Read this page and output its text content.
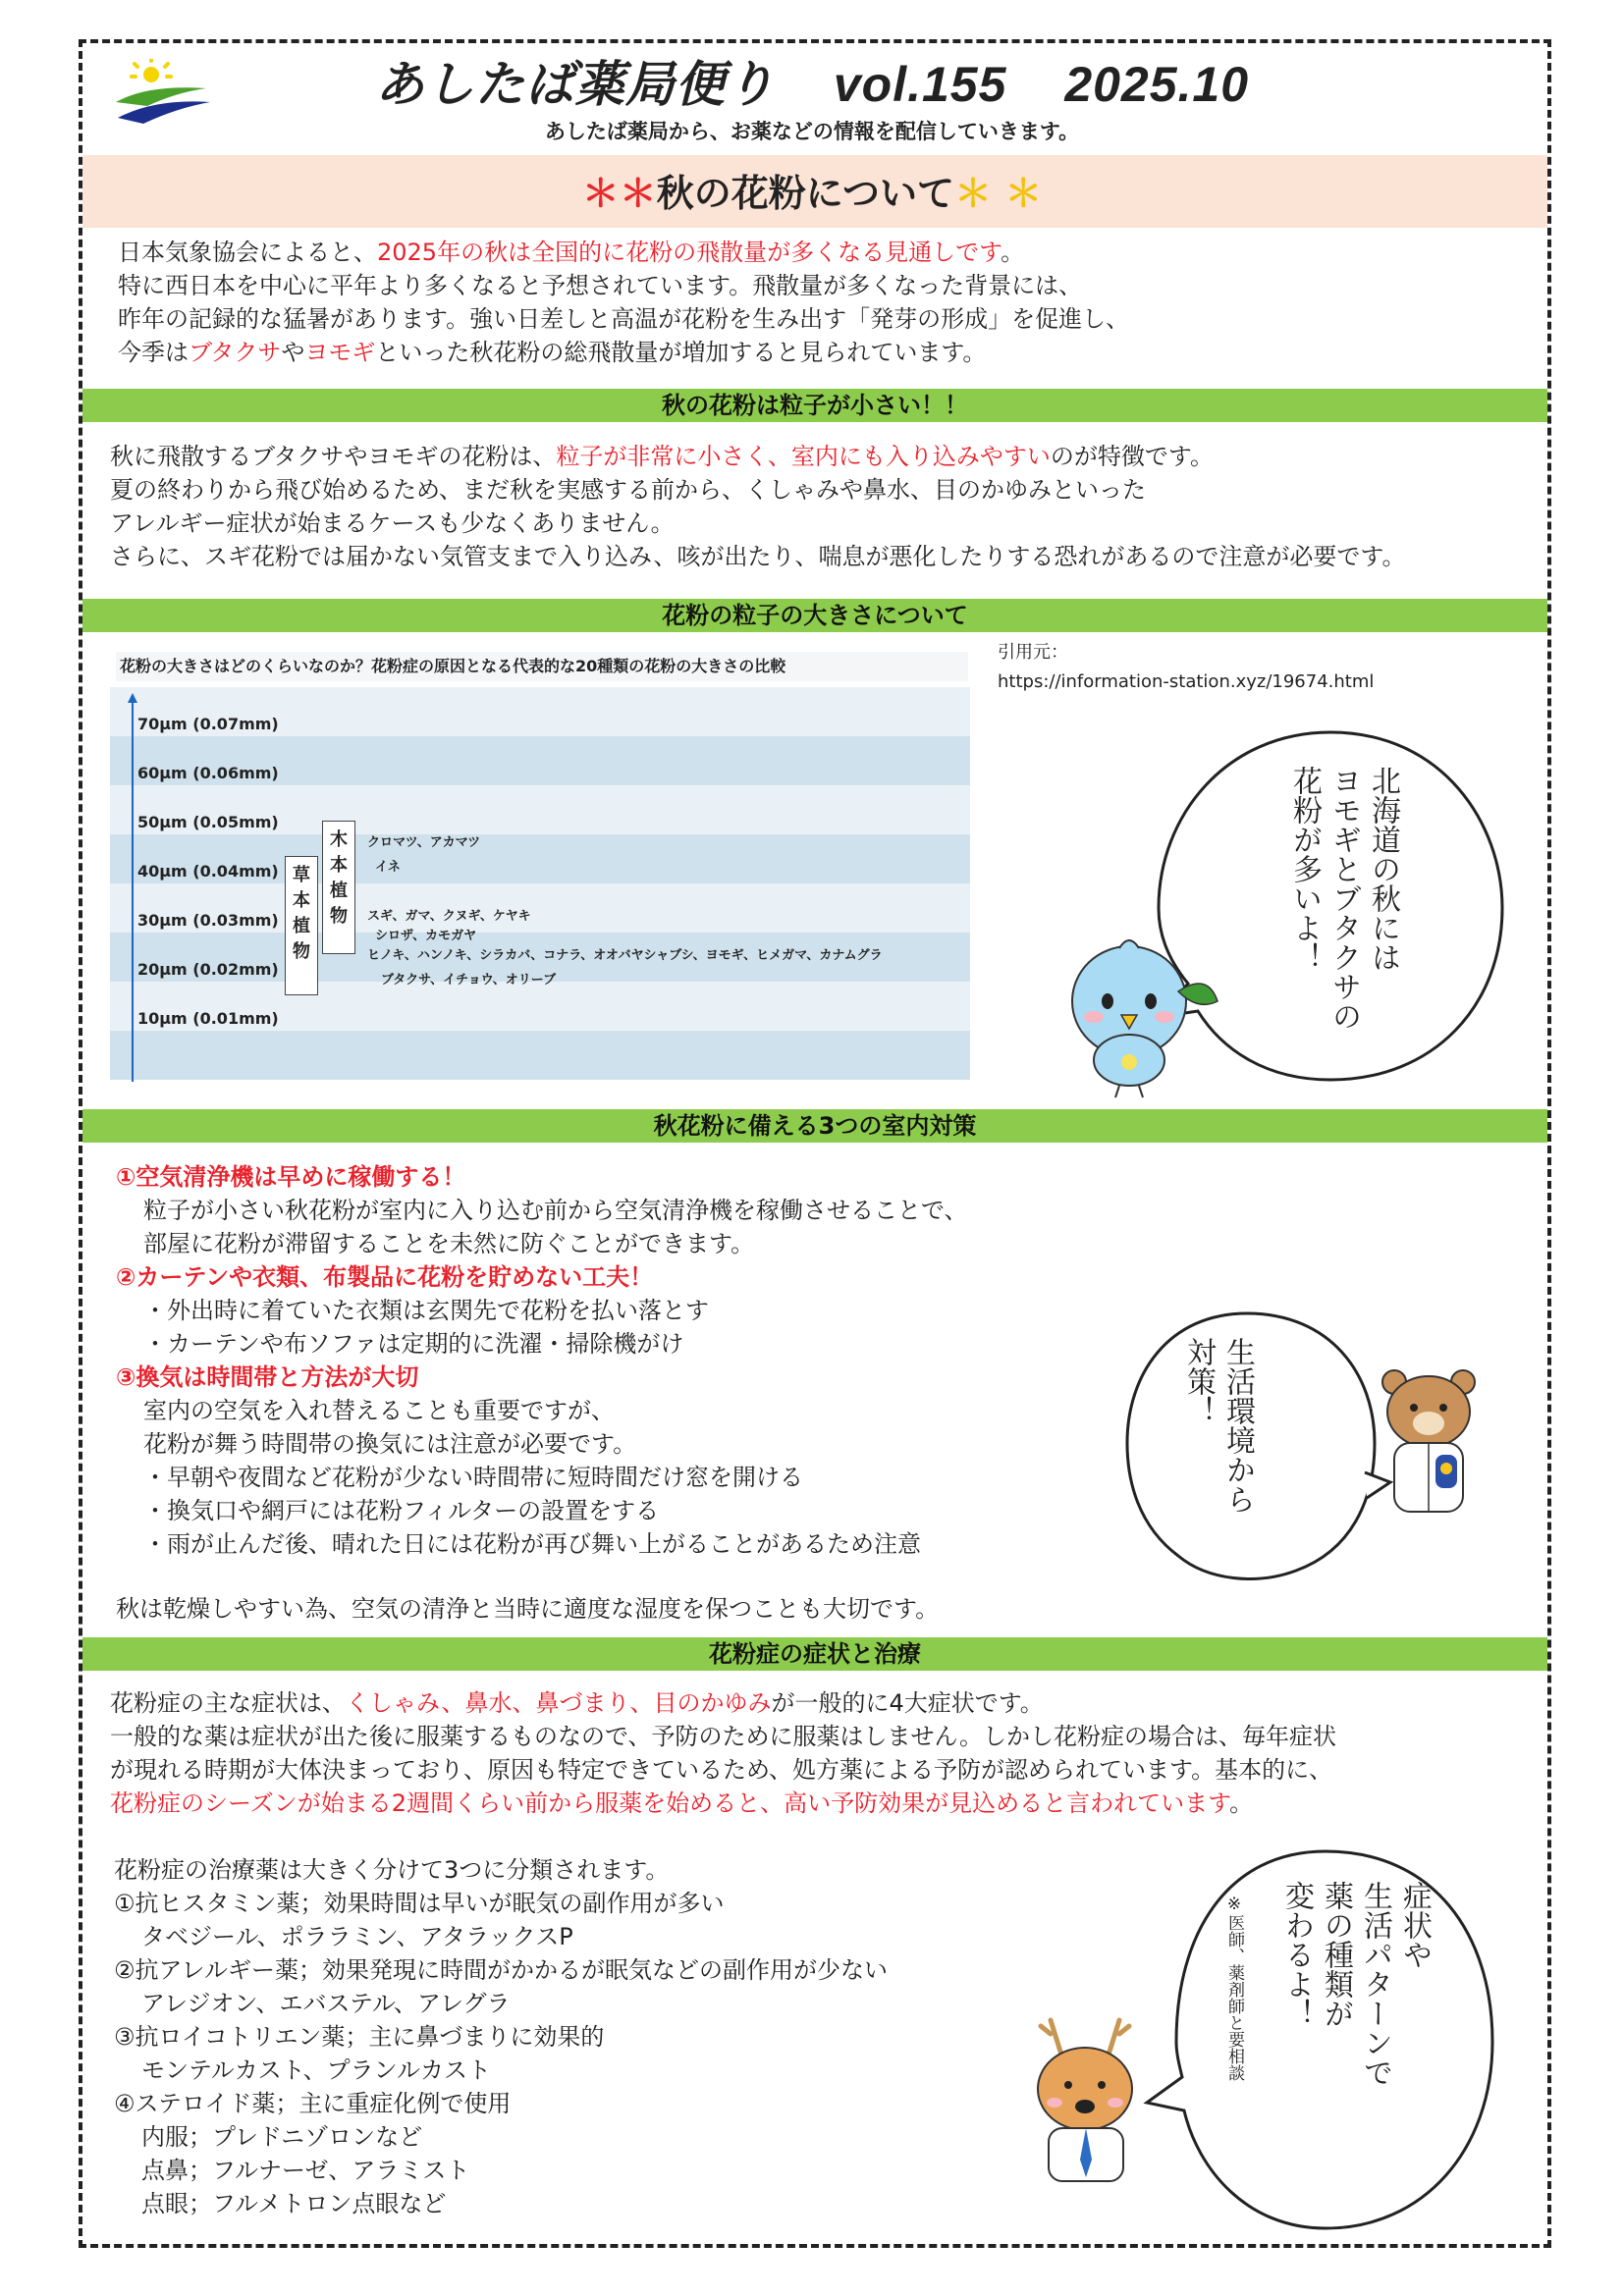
あしたば薬局便り vol.155 2025.10
あしたば薬局から、お薬などの情報を配信していきます。
＊＊秋の花粉について＊ ＊
日本気象協会によると、2025年の秋は全国的に花粉の飛散量が多くなる見通しです。
特に西日本を中心に平年より多くなると予想されています。飛散量が多くなった背景には、
昨年の記録的な猛暑があります。強い日差しと高温が花粉を生み出す「発芽の形成」を促進し、
今季はブタクサやヨモギといった秋花粉の総飛散量が増加すると見られています。
秋の花粉は粒子が小さい！！
秋に飛散するブタクサやヨモギの花粉は、粒子が非常に小さく、室内にも入り込みやすいのが特徴です。
夏の終わりから飛び始めるため、まだ秋を実感する前から、くしゃみや鼻水、目のかゆみといった
アレルギー症状が始まるケースも少なくありません。
さらに、スギ花粉では届かない気管支まで入り込み、咳が出たり、喘息が悪化したりする恐れがあるので注意が必要です。
花粉の粒子の大きさについて
花粉の大きさはどのくらいなのか？花粉症の原因となる代表的な20種類の花粉の大きさの比較
70μm (0.07mm)
60μm (0.06mm)
50μm (0.05mm)
40μm (0.04mm)
30μm (0.03mm)
20μm (0.02mm)
10μm (0.01mm)
草本植物
木本植物
クロマツ、アカマツ
イネ
スギ、ガマ、クヌギ、ケヤキ
シロザ、カモガヤ
ヒノキ、ハンノキ、シラカバ、コナラ、オオバヤシャブシ、ヨモギ、ヒメガマ、カナムグラ
ブタクサ、イチョウ、オリーブ
引用元：
https://information-station.xyz/19674.html
北海道の秋には
ヨモギとブタクサの
花粉が多いよ！
秋花粉に備える3つの室内対策
①空気清浄機は早めに稼働する！
粒子が小さい秋花粉が室内に入り込む前から空気清浄機を稼働させることで、
部屋に花粉が滞留することを未然に防ぐことができます。
②カーテンや衣類、布製品に花粉を貯めない工夫！
・外出時に着ていた衣類は玄関先で花粉を払い落とす
・カーテンや布ソファは定期的に洗濯・掃除機がけ
③換気は時間帯と方法が大切
室内の空気を入れ替えることも重要ですが、
花粉が舞う時間帯の換気には注意が必要です。
・早朝や夜間など花粉が少ない時間帯に短時間だけ窓を開ける
・換気口や網戸には花粉フィルターの設置をする
・雨が止んだ後、晴れた日には花粉が再び舞い上がることがあるため注意
秋は乾燥しやすい為、空気の清浄と当時に適度な湿度を保つことも大切です。
生活環境から
対策！
花粉症の症状と治療
花粉症の主な症状は、くしゃみ、鼻水、鼻づまり、目のかゆみが一般的に4大症状です。
一般的な薬は症状が出た後に服薬するものなので、予防のために服薬はしません。しかし花粉症の場合は、毎年症状
が現れる時期が大体決まっており、原因も特定できているため、処方薬による予防が認められています。基本的に、
花粉症のシーズンが始まる2週間くらい前から服薬を始めると、高い予防効果が見込めると言われています。
花粉症の治療薬は大きく分けて3つに分類されます。
①抗ヒスタミン薬；効果時間は早いが眠気の副作用が多い
タベジール、ポララミン、アタラックスP
②抗アレルギー薬；効果発現に時間がかかるが眠気などの副作用が少ない
アレジオン、エバステル、アレグラ
③抗ロイコトリエン薬；主に鼻づまりに効果的
モンテルカスト、プランルカスト
④ステロイド薬；主に重症化例で使用
内服；プレドニゾロンなど
点鼻；フルナーゼ、アラミスト
点眼；フルメトロン点眼など
症状や
生活パターンで
薬の種類が
変わるよ！
※医師、薬剤師と要相談
